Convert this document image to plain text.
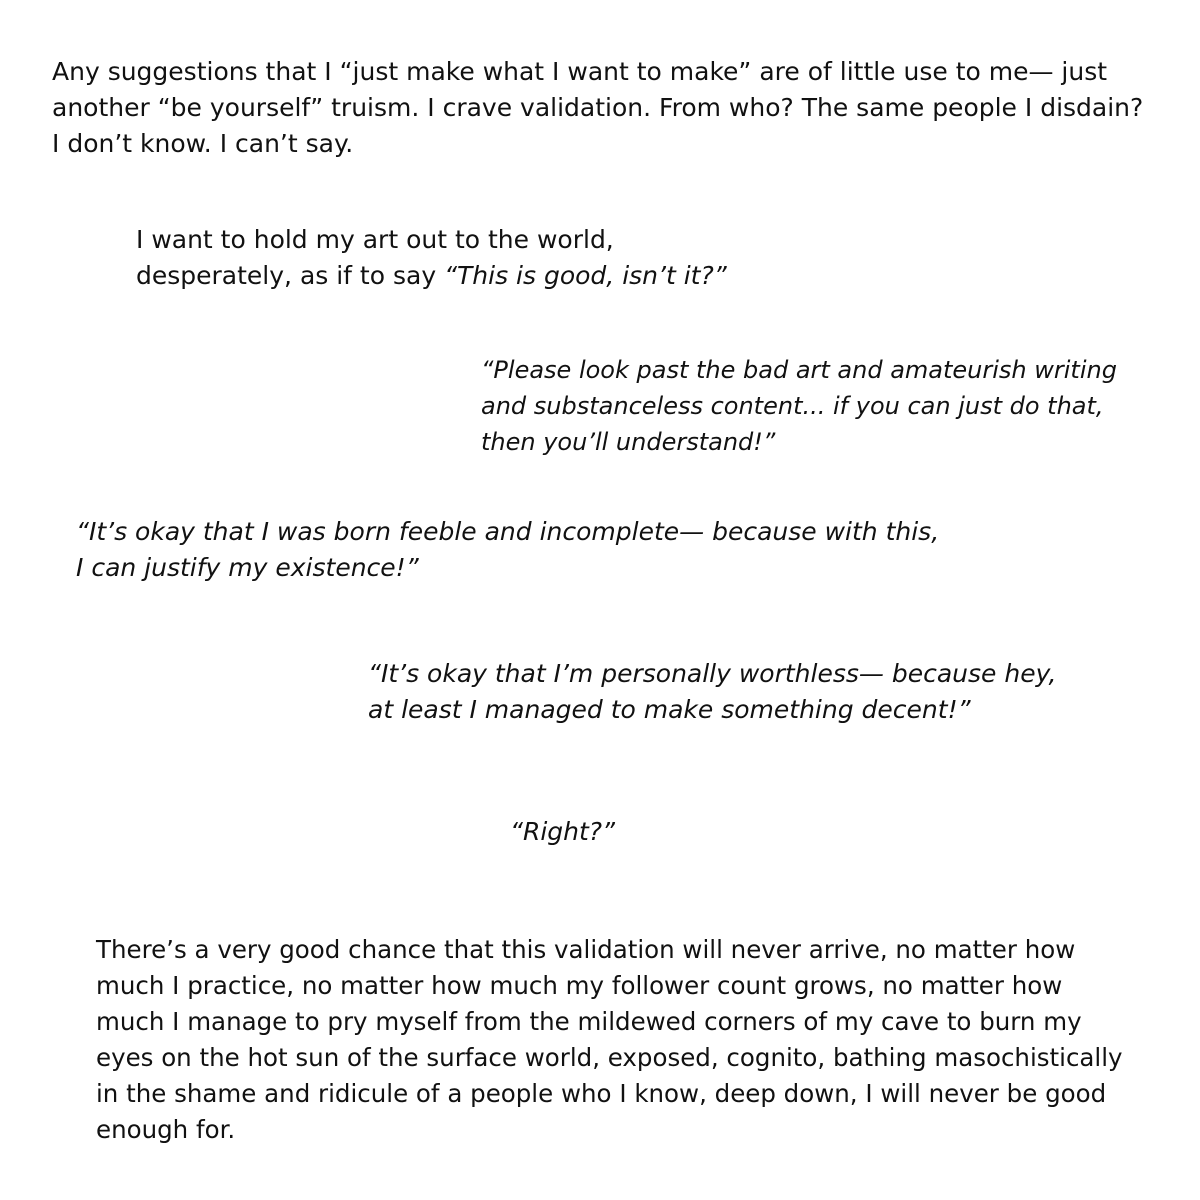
Any suggestions that I “just make what I want to make” are of little use to me— just
another “be yourself” truism. I crave validation. From who? The same people I disdain?
I don’t know. I can’t say.

I want to hold my art out to the world,
desperately, as if to say “This is good, isn’t it?”

“Please look past the bad art and amateurish writing
and substanceless content... if you can just do that,
then you’ll understand!”

“It’s okay that I was born feeble and incomplete— because with this,
I can justify my existence!”

“It’s okay that I’m personally worthless— because hey,
at least I managed to make something decent!”

“Right?”

There’s a very good chance that this validation will never arrive, no matter how
much I practice, no matter how much my follower count grows, no matter how
much I manage to pry myself from the mildewed corners of my cave to burn my
eyes on the hot sun of the surface world, exposed, cognito, bathing masochistically
in the shame and ridicule of a people who I know, deep down, I will never be good
enough for.
